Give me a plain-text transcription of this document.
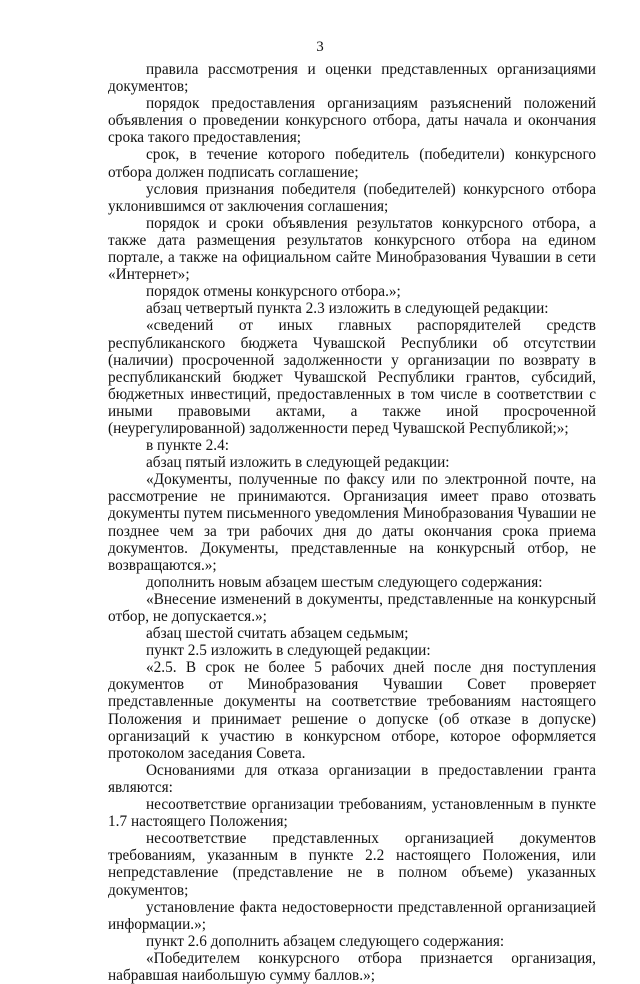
3

правила рассмотрения и оценки представленных организациями документов;

порядок предоставления организациям разъяснений положений объявления о проведении конкурсного отбора, даты начала и окончания срока такого предоставления;

срок, в течение которого победитель (победители) конкурсного отбора должен подписать соглашение;

условия признания победителя (победителей) конкурсного отбора уклонившимся от заключения соглашения;

порядок и сроки объявления результатов конкурсного отбора, а также дата размещения результатов конкурсного отбора на едином портале, а также на официальном сайте Минобразования Чувашии в сети «Интернет»;

порядок отмены конкурсного отбора.»;

абзац четвертый пункта 2.3 изложить в следующей редакции:

«сведений от иных главных распорядителей средств республиканского бюджета Чувашской Республики об отсутствии (наличии) просроченной задолженности у организации по возврату в республиканский бюджет Чувашской Республики грантов, субсидий, бюджетных инвестиций, предоставленных в том числе в соответствии с иными правовыми актами, а также иной просроченной (неурегулированной) задолженности перед Чувашской Республикой;»;

в пункте 2.4:

абзац пятый изложить в следующей редакции:

«Документы, полученные по факсу или по электронной почте, на рассмотрение не принимаются. Организация имеет право отозвать документы путем письменного уведомления Минобразования Чувашии не позднее чем за три рабочих дня до даты окончания срока приема документов. Документы, представленные на конкурсный отбор, не возвращаются.»;

дополнить новым абзацем шестым следующего содержания:

«Внесение изменений в документы, представленные на конкурсный отбор, не допускается.»;

абзац шестой считать абзацем седьмым;

пункт 2.5 изложить в следующей редакции:

«2.5. В срок не более 5 рабочих дней после дня поступления документов от Минобразования Чувашии Совет проверяет представленные документы на соответствие требованиям настоящего Положения и принимает решение о допуске (об отказе в допуске) организаций к участию в конкурсном отборе, которое оформляется протоколом заседания Совета.

Основаниями для отказа организации в предоставлении гранта являются:

несоответствие организации требованиям, установленным в пункте 1.7 настоящего Положения;

несоответствие представленных организацией документов требованиям, указанным в пункте 2.2 настоящего Положения, или непредставление (представление не в полном объеме) указанных документов;

установление факта недостоверности представленной организацией информации.»;

пункт 2.6 дополнить абзацем следующего содержания:

«Победителем конкурсного отбора признается организация, набравшая наибольшую сумму баллов.»;
